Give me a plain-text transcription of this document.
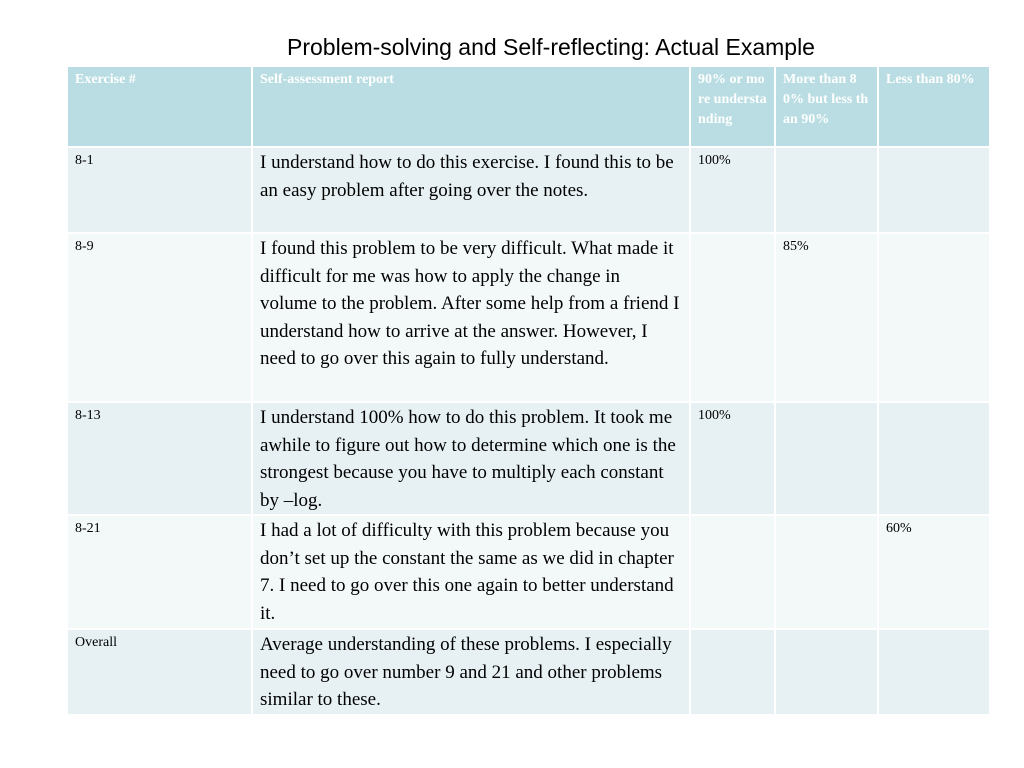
Problem-solving and Self-reflecting: Actual Example
Exercise #	Self-assessment report	90% or more understanding	More than 80% but less than 90%	Less than 80%
8-1	I understand how to do this exercise. I found this to be an easy problem after going over the notes.	100%		
8-9	I found this problem to be very difficult. What made it difficult for me was how to apply the change in volume to the problem. After some help from a friend I understand how to arrive at the answer. However, I need to go over this again to fully understand.		85%	
8-13	I understand 100% how to do this problem. It took me awhile to figure out how to determine which one is the strongest because you have to multiply each constant by –log.	100%		
8-21	I had a lot of difficulty with this problem because you don’t set up the constant the same as we did in chapter 7. I need to go over this one again to better understand it.			60%
Overall	Average understanding of these problems. I especially need to go over number 9 and 21 and other problems similar to these.			
